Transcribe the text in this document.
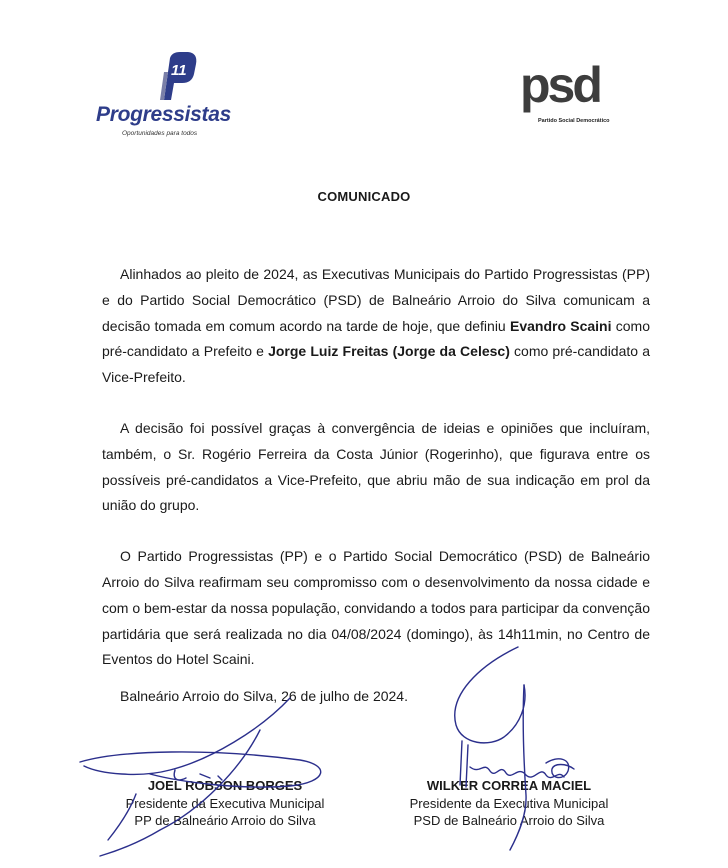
11
Progressistas
Oportunidades para todos
psd
Partido Social Democrático
COMUNICADO

Alinhados ao pleito de 2024, as Executivas Municipais do Partido Progressistas (PP) e do Partido Social Democrático (PSD) de Balneário Arroio do Silva comunicam a decisão tomada em comum acordo na tarde de hoje, que definiu Evandro Scaini como pré-candidato a Prefeito e Jorge Luiz Freitas (Jorge da Celesc) como pré-candidato a Vice-Prefeito.

A decisão foi possível graças à convergência de ideias e opiniões que incluíram, também, o Sr. Rogério Ferreira da Costa Júnior (Rogerinho), que figurava entre os possíveis pré-candidatos a Vice-Prefeito, que abriu mão de sua indicação em prol da união do grupo.

O Partido Progressistas (PP) e o Partido Social Democrático (PSD) de Balneário Arroio do Silva reafirmam seu compromisso com o desenvolvimento da nossa cidade e com o bem-estar da nossa população, convidando a todos para participar da convenção partidária que será realizada no dia 04/08/2024 (domingo), às 14h11min, no Centro de Eventos do Hotel Scaini.

Balneário Arroio do Silva, 26 de julho de 2024.
JOEL ROBSON BORGES
Presidente da Executiva Municipal
PP de Balneário Arroio do Silva
WILKER CORREA MACIEL
Presidente da Executiva Municipal
PSD de Balneário Arroio do Silva
